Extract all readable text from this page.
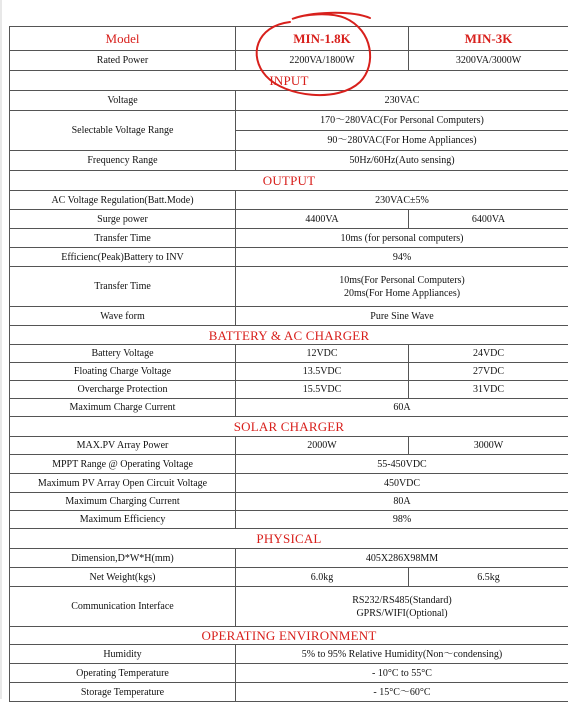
Model	MIN-1.8K	MIN-3K
Rated Power	2200VA/1800W	3200VA/3000W
INPUT		
Voltage	230VAC	
Selectable Voltage Range	170～280VAC(For Personal Computers)	
	90～280VAC(For Home Appliances)	
Frequency Range	50Hz/60Hz(Auto sensing)	
OUTPUT		
AC Voltage Regulation(Batt.Mode)	230VAC±5%	
Surge power	4400VA	6400VA
Transfer Time	10ms (for personal computers)	
Efficienc(Peak)Battery to INV	94%	
Transfer Time	10ms(For Personal Computers)
20ms(For Home Appliances)	

Wave form	Pure Sine Wave	
BATTERY & AC CHARGER		
Battery Voltage	12VDC	24VDC
Floating Charge Voltage	13.5VDC	27VDC
Overcharge Protection	15.5VDC	31VDC
Maximum Charge Current	60A	
SOLAR CHARGER		
MAX.PV Array Power	2000W	3000W
MPPT Range @ Operating Voltage	55-450VDC	
Maximum PV Array Open Circuit Voltage	450VDC	
Maximum Charging Current	80A	
Maximum Efficiency	98%	
PHYSICAL		
Dimension,D*W*H(mm)	405X286X98MM	
Net Weight(kgs)	6.0kg	6.5kg
Communication Interface	RS232/RS485(Standard)
GPRS/WIFI(Optional)	

OPERATING ENVIRONMENT		
Humidity	5% to 95% Relative Humidity(Non～condensing)	
Operating Temperature	- 10°C to 55°C	
Storage Temperature	- 15°C～60°C	
